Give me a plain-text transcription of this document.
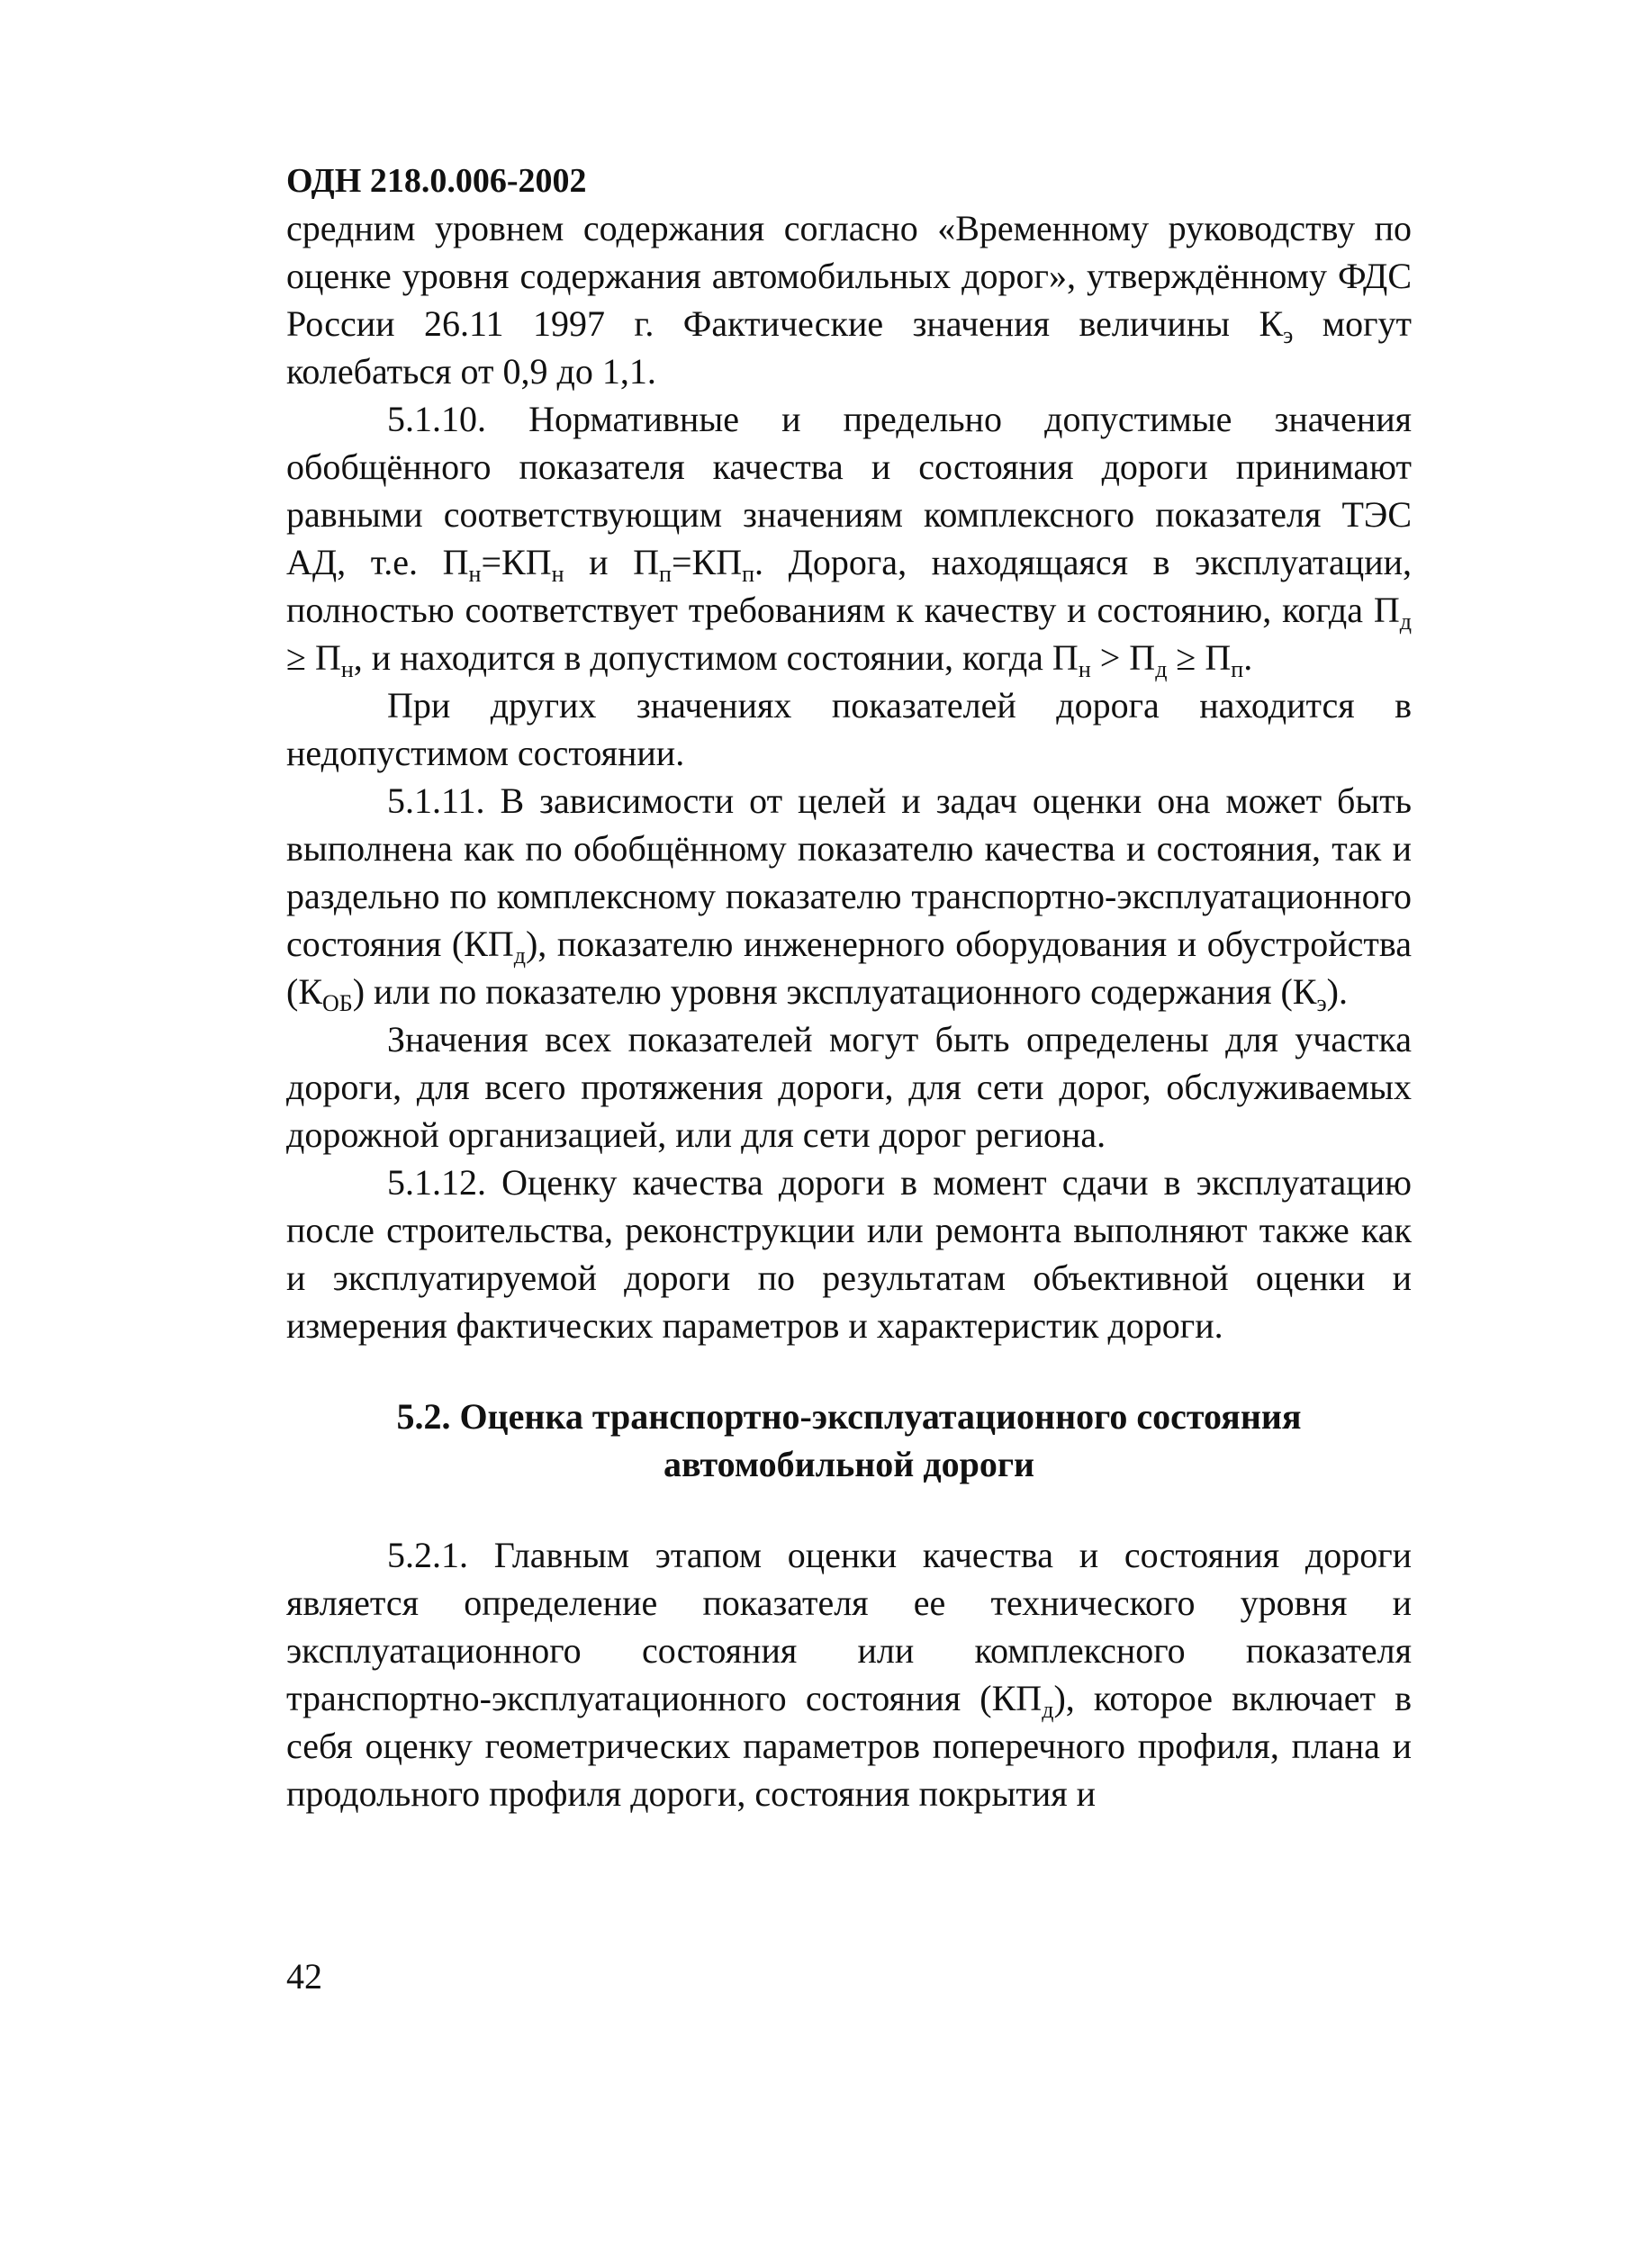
ОДН 218.0.006-2002

средним уровнем содержания согласно «Временному руководству по оценке уровня содержания автомобильных дорог», утверждённому ФДС России 26.11 1997 г. Фактические значения величины $К_э$ могут колебаться от 0,9 до 1,1.

5.1.10. Нормативные и предельно допустимые значения обобщённого показателя качества и состояния дороги принимают равными соответствующим значениям комплексного показателя ТЭС АД, т.е. $П_н=КП_н$ и $П_п=КП_п$. Дорога, находящаяся в эксплуатации, полностью соответствует требованиям к качеству и состоянию, когда $П_д \ge П_н$, и находится в допустимом состоянии, когда $П_н > П_д \ge П_п$.

При других значениях показателей дорога находится в недопустимом состоянии.

5.1.11. В зависимости от целей и задач оценки она может быть выполнена как по обобщённому показателю качества и состояния, так и раздельно по комплексному показателю транспортно-эксплуатационного состояния $(КП_д)$, показателю инженерного оборудования и обустройства $(К_{ОБ})$ или по показателю уровня эксплуатационного содержания $(К_э)$.

Значения всех показателей могут быть определены для участка дороги, для всего протяжения дороги, для сети дорог, обслуживаемых дорожной организацией, или для сети дорог региона.

5.1.12. Оценку качества дороги в момент сдачи в эксплуатацию после строительства, реконструкции или ремонта выполняют также как и эксплуатируемой дороги по результатам объективной оценки и измерения фактических параметров и характеристик дороги.

5.2. Оценка транспортно-эксплуатационного состояния
автомобильной дороги

5.2.1. Главным этапом оценки качества и состояния дороги является определение показателя ее технического уровня и эксплуатационного состояния или комплексного показателя транспортно-эксплуатационного состояния $(КП_д)$, которое включает в себя оценку геометрических параметров поперечного профиля, плана и продольного профиля дороги, состояния покрытия и

42
